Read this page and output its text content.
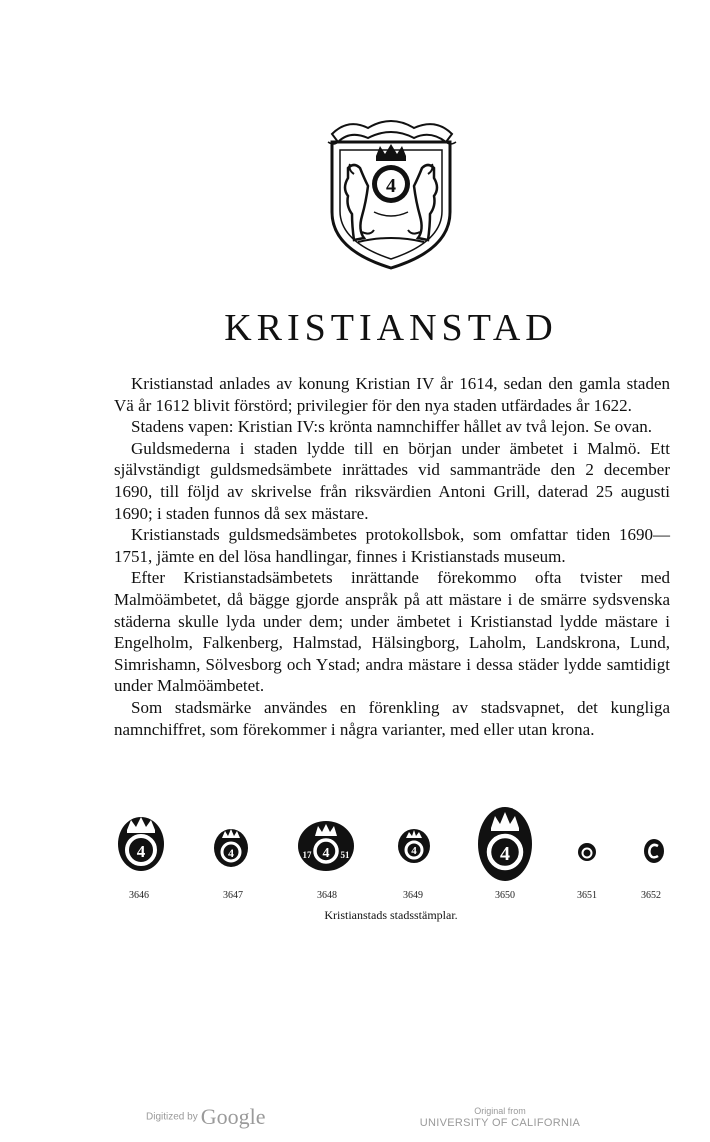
4
KRISTIANSTAD

Kristianstad anlades av konung Kristian IV år 1614, sedan den gamla staden Vä år 1612 blivit förstörd; privilegier för den nya staden utfärdades år 1622.

Stadens vapen: Kristian IV:s krönta namnchiffer hållet av två lejon. Se ovan.

Guldsmederna i staden lydde till en början under ämbetet i Malmö. Ett självständigt guldsmedsämbete inrättades vid sammanträde den 2 december 1690, till följd av skrivelse från riksvärdien Antoni Grill, daterad 25 augusti 1690; i staden funnos då sex mästare.

Kristianstads guldsmedsämbetes protokollsbok, som omfattar tiden 1690—1751, jämte en del lösa handlingar, finnes i Kristianstads museum.

Efter Kristianstadsämbetets inrättande förekommo ofta tvister med Malmöämbetet, då bägge gjorde anspråk på att mästare i de smärre sydsvenska städerna skulle lyda under dem; under ämbetet i Kristianstad lydde mästare i Engelholm, Falkenberg, Halmstad, Hälsingborg, Laholm, Landskrona, Lund, Simrishamn, Sölvesborg och Ystad; andra mästare i dessa städer lydde samtidigt under Malmöämbetet.

Som stadsmärke användes en förenkling av stadsvapnet, det kungliga namnchiffret, som förekommer i några varianter, med eller utan krona.

4
3646
4
3647
4
17	51
3648
4
3649
4
3650	3651	3652
Kristianstads stadsstämplar.
Digitized by Google	Original from
UNIVERSITY OF CALIFORNIA
